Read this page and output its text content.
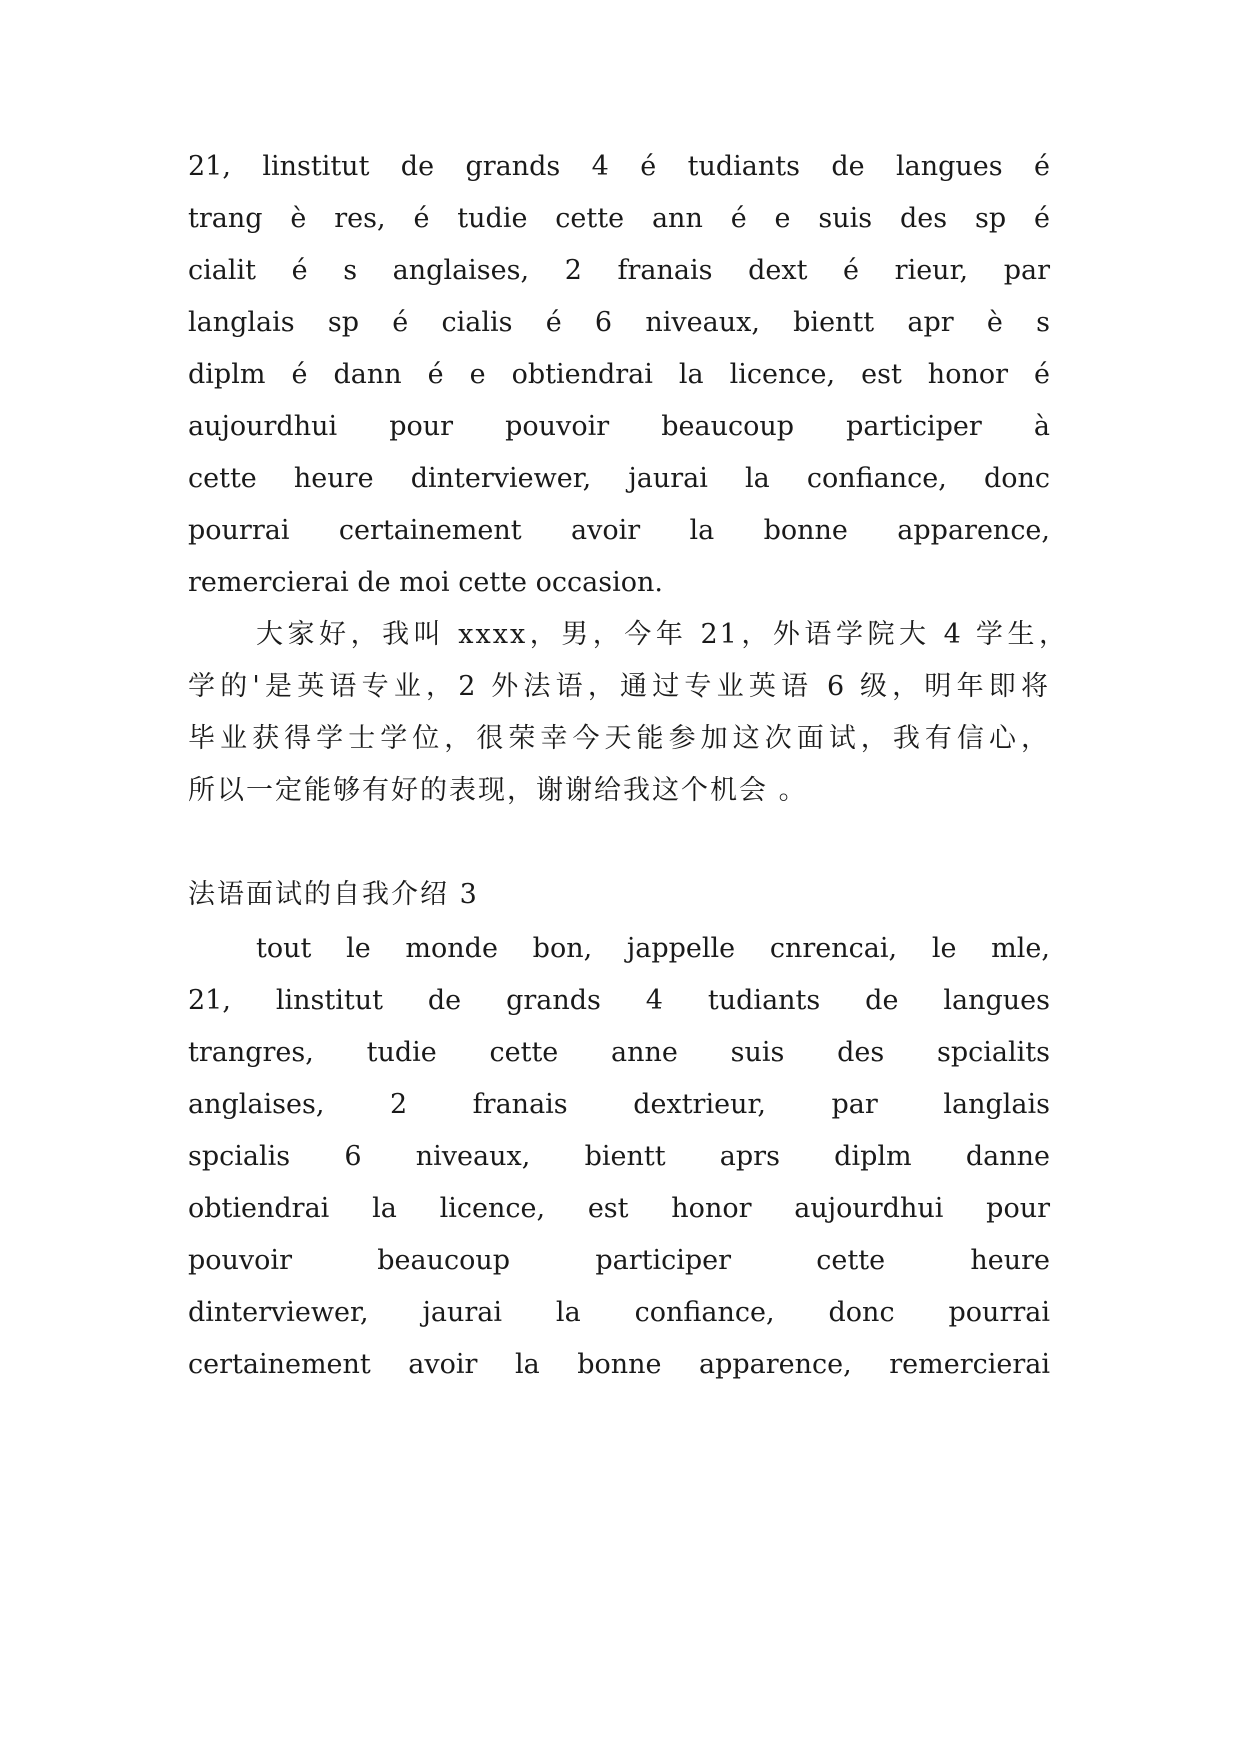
21, linstitut de grands 4 é tudiants de langues é
trang è res, é tudie cette ann é e suis des sp é
cialit é s anglaises, 2 franais dext é rieur, par
langlais sp é cialis é 6 niveaux, bientt apr è s
diplm é dann é e obtiendrai la licence, est honor é
aujourdhui pour pouvoir beaucoup participer à
cette heure dinterviewer, jaurai la confiance, donc
pourrai certainement avoir la bonne apparence,
remercierai de moi cette occasion.
大家好，我叫 xxxx，男，今年 21，外语学院大 4 学生，
学的'是英语专业，2 外法语，通过专业英语 6 级，明年即将
毕业获得学士学位，很荣幸今天能参加这次面试，我有信心，
所以一定能够有好的表现，谢谢给我这个机会 。
法语面试的自我介绍 3
tout le monde bon, jappelle cnrencai, le mle,
21, linstitut de grands 4 tudiants de langues
trangres, tudie cette anne suis des spcialits
anglaises, 2 franais dextrieur, par langlais
spcialis 6 niveaux, bientt aprs diplm danne
obtiendrai la licence, est honor aujourdhui pour
pouvoir beaucoup participer cette heure
dinterviewer, jaurai la confiance, donc pourrai
certainement avoir la bonne apparence, remercierai
